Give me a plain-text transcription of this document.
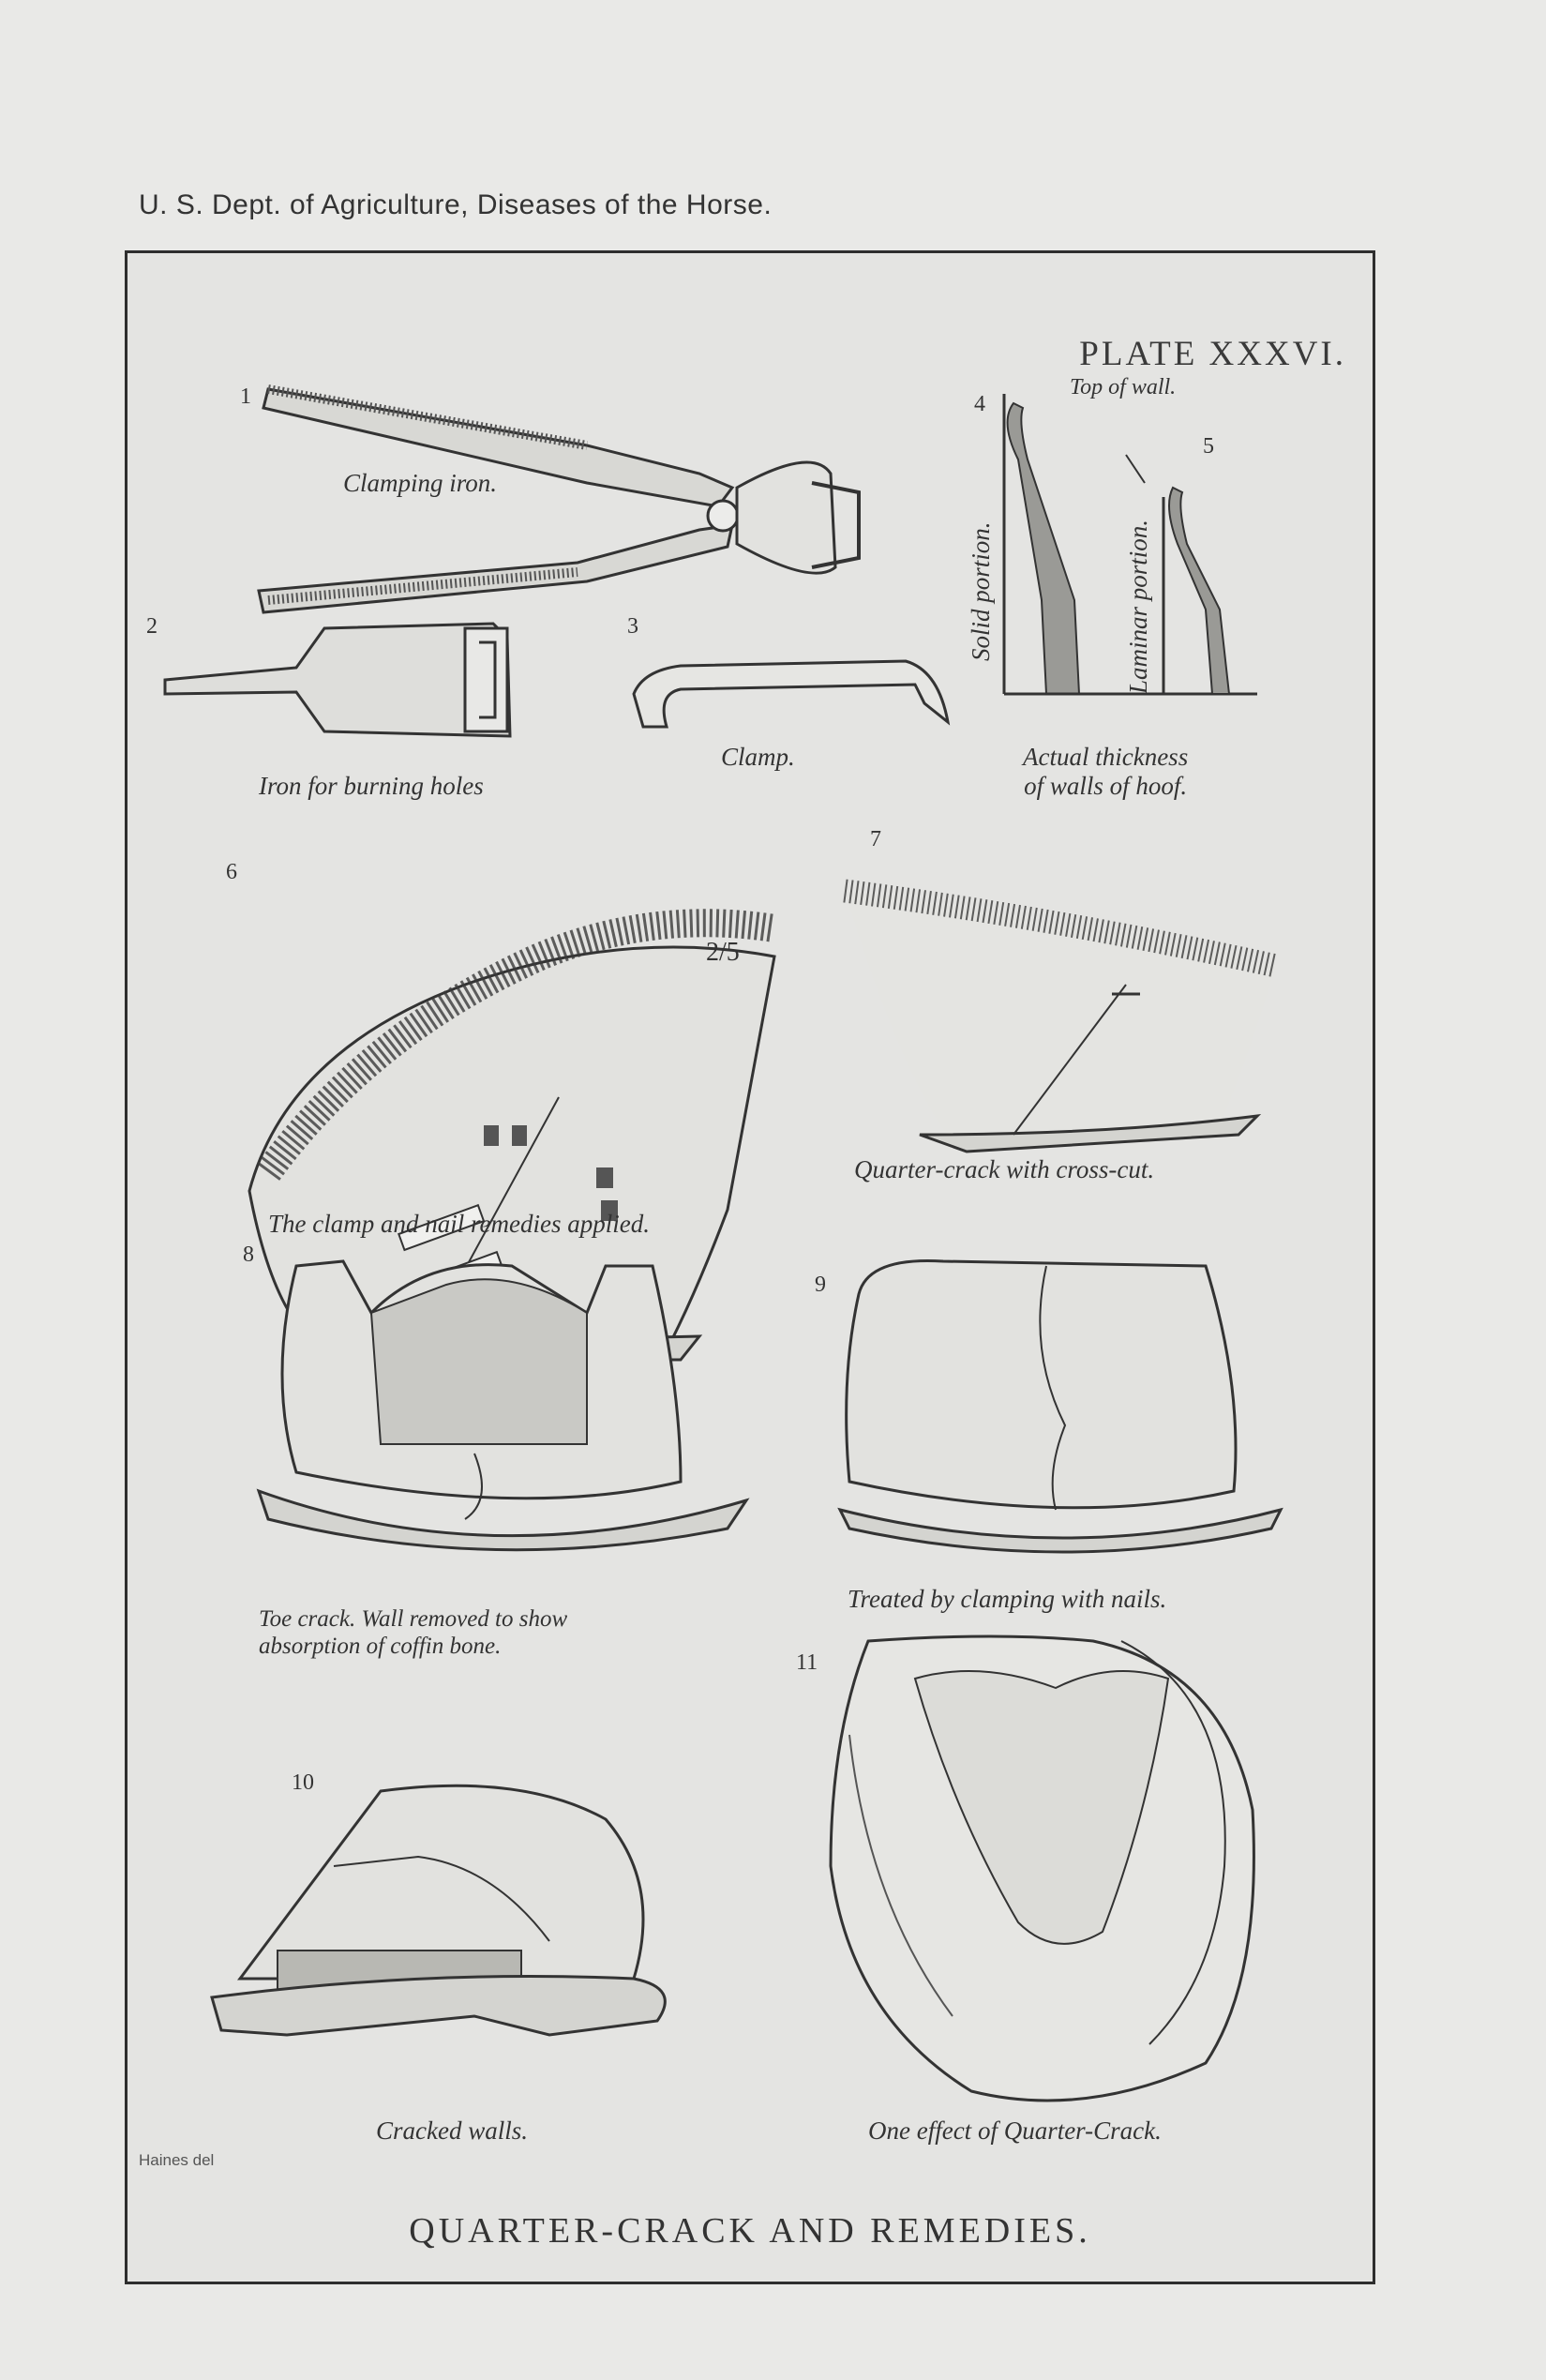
U. S. Dept. of Agriculture, Diseases of the Horse.
PLATE XXXVI.
1
Clamping iron.
2
Iron for burning holes
3
Clamp.
4
Top of wall.
Solid portion.
5
Laminar portion.
Actual thickness
of walls of hoof.
6
2/5
The clamp and nail remedies applied.
7
Quarter-crack with cross-cut.
8
Toe crack. Wall removed to show
absorption of coffin bone.
9
Treated by clamping with nails.
10
Cracked walls.
11
One effect of Quarter-Crack.
Haines del
QUARTER-CRACK AND REMEDIES.
